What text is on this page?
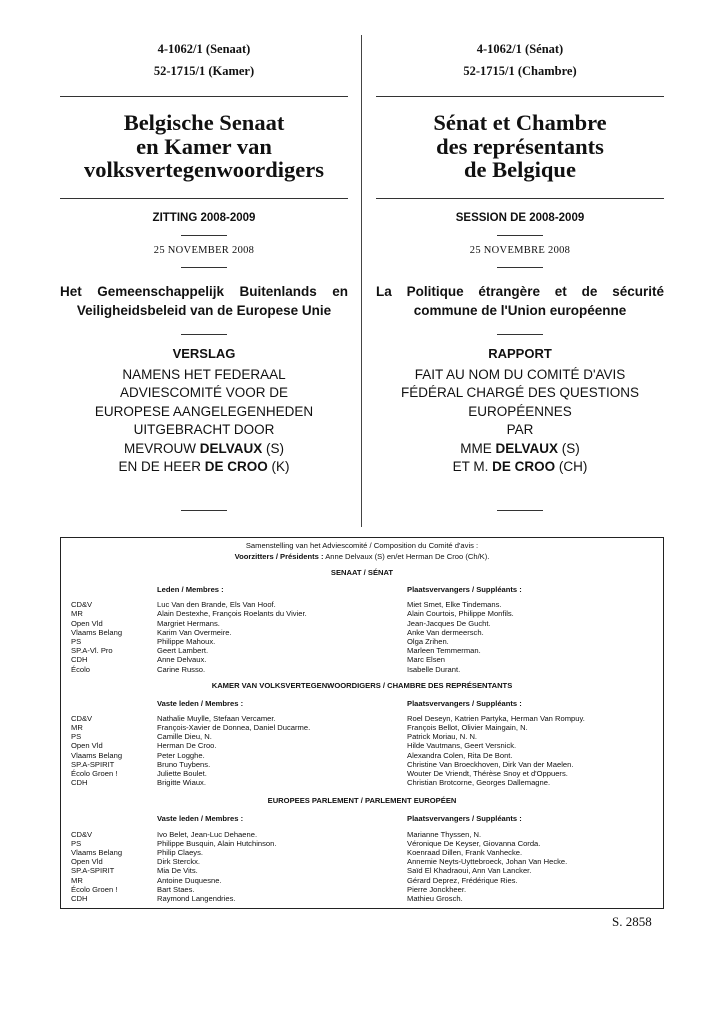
4-1062/1 (Senaat)
52-1715/1 (Kamer)
Belgische Senaat
en Kamer van
volksvertegenwoordigers
ZITTING 2008-2009
25 NOVEMBER 2008
Het Gemeenschappelijk Buitenlands en Veiligheidsbeleid van de Europese Unie
VERSLAG
NAMENS HET FEDERAAL
ADVIESCOMITÉ VOOR DE
EUROPESE AANGELEGENHEDEN
UITGEBRACHT DOOR
MEVROUW DELVAUX (S)
EN DE HEER DE CROO (K)
4-1062/1 (Sénat)
52-1715/1 (Chambre)
Sénat et Chambre
des représentants
de Belgique
SESSION DE 2008-2009
25 NOVEMBRE 2008
La Politique étrangère et de sécurité commune de l'Union européenne
RAPPORT
FAIT AU NOM DU COMITÉ D'AVIS
FÉDÉRAL CHARGÉ DES QUESTIONS
EUROPÉENNES
PAR
MME DELVAUX (S)
ET M. DE CROO (CH)
Samenstelling van het Adviescomité / Composition du Comité d'avis :
Voorzitters / Présidents : Anne Delvaux (S) en/et Herman De Croo (Ch/K).
SENAAT / SÉNAT
Leden / Membres :	Plaatsvervangers / Suppléants :
CD&V	Luc Van den Brande, Els Van Hoof.	Miet Smet, Elke Tindemans.
MR	Alain Destexhe, François Roelants du Vivier.	Alain Courtois, Philippe Monfils.
Open Vld	Margriet Hermans.	Jean-Jacques De Gucht.
Vlaams Belang	Karim Van Overmeire.	Anke Van dermeersch.
PS	Philippe Mahoux.	Olga Zrihen.
SP.A-Vl. Pro	Geert Lambert.	Marleen Temmerman.
CDH	Anne Delvaux.	Marc Elsen
Écolo	Carine Russo.	Isabelle Durant.
KAMER VAN VOLKSVERTEGENWOORDIGERS / CHAMBRE DES REPRÉSENTANTS
Vaste leden / Membres :	Plaatsvervangers / Suppléants :
CD&V	Nathalie Muylle, Stefaan Vercamer.	Roel Deseyn, Katrien Partyka, Herman Van Rompuy.
MR	François-Xavier de Donnea, Daniel Ducarme.	François Bellot, Olivier Maingain, N.
PS	Camille Dieu, N.	Patrick Moriau, N. N.
Open Vld	Herman De Croo.	Hilde Vautmans, Geert Versnick.
Vlaams Belang	Peter Logghe.	Alexandra Colen, Rita De Bont.
SP.A-SPIRIT	Bruno Tuybens.	Christine Van Broeckhoven, Dirk Van der Maelen.
Écolo Groen !	Juliette Boulet.	Wouter De Vriendt, Thérèse Snoy et d'Oppuers.
CDH	Brigitte Wiaux.	Christian Brotcorne, Georges Dallemagne.
EUROPEES PARLEMENT / PARLEMENT EUROPÉEN
Vaste leden / Membres :	Plaatsvervangers / Suppléants :
CD&V	Ivo Belet, Jean-Luc Dehaene.	Marianne Thyssen, N.
PS	Philippe Busquin, Alain Hutchinson.	Véronique De Keyser, Giovanna Corda.
Vlaams Belang	Philip Claeys.	Koenraad Dillen, Frank Vanhecke.
Open Vld	Dirk Sterckx.	Annemie Neyts-Uyttebroeck, Johan Van Hecke.
SP.A-SPIRIT	Mia De Vits.	Saïd El Khadraoui, Ann Van Lancker.
MR	Antoine Duquesne.	Gérard Deprez, Frédérique Ries.
Écolo Groen !	Bart Staes.	Pierre Jonckheer.
CDH	Raymond Langendries.	Mathieu Grosch.
S. 2858
